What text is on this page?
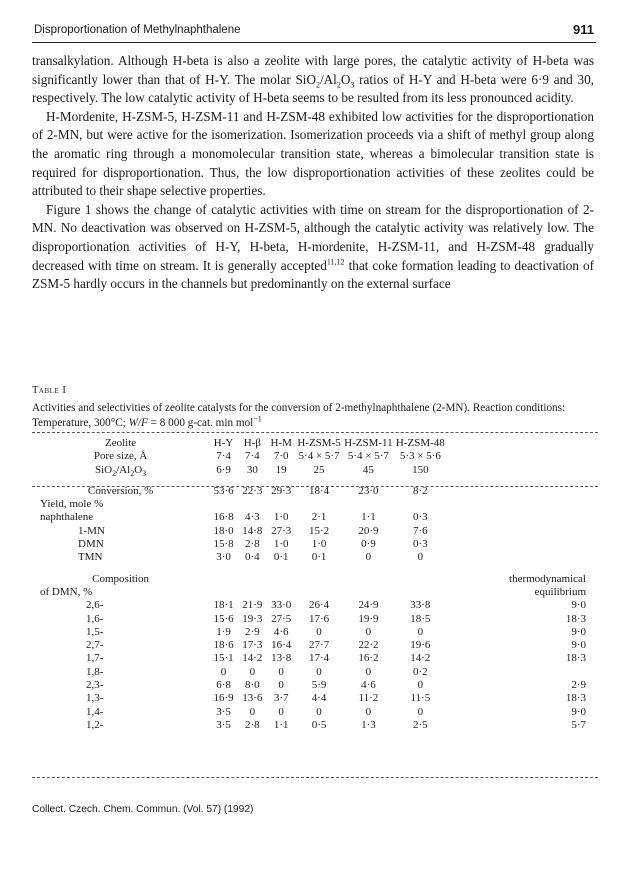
Disproportionation of Methylnaphthalene	911

transalkylation. Although H-beta is also a zeolite with large pores, the catalytic activity of H-beta was significantly lower than that of H-Y. The molar $SiO_2/Al_2O_3$ ratios of H-Y and H-beta were 6·9 and 30, respectively. The low catalytic activity of H-beta seems to be resulted from its less pronounced acidity.

H-Mordenite, H-ZSM-5, H-ZSM-11 and H-ZSM-48 exhibited low activities for the disproportionation of 2-MN, but were active for the isomerization. Isomerization proceeds via a shift of methyl group along the aromatic ring through a monomolecular transition state, whereas a bimolecular transition state is required for disproportionation. Thus, the low disproportionation activities of these zeolites could be attributed to their shape selective properties.

Figure 1 shows the change of catalytic activities with time on stream for the disproportionation of 2-MN. No deactivation was observed on H-ZSM-5, although the catalytic activity was relatively low. The disproportionation activities of H-Y, H-beta, H-mordenite, H-ZSM-11, and H-ZSM-48 gradually decreased with time on stream. It is generally accepted$^{11,12}$ that coke formation leading to deactivation of ZSM-5 hardly occurs in the channels but predominantly on the external surface

Table I
Activities and selectivities of zeolite catalysts for the conversion of 2-methylnaphthalene (2-MN). Reaction conditions: Temperature, 300°C; W/F = 8 000 g-cat. min mol$^{-1}$
Zeolite	H-Y	H-β	H-M	H-ZSM-5	H-ZSM-11	H-ZSM-48	
Pore size, Å	7·4	7·4	7·0	5·4 × 5·7	5·4 × 5·7	5·3 × 5·6	
$SiO_2/Al_2O_3$	6·9	30	19	25	45	150	

Conversion, %	53·6	22·3	29·3	18·4	23·0	8·2	
Yield, mole %							
naphthalene	16·8	4·3	1·0	2·1	1·1	0·3	
1-MN	18·0	14·8	27·3	15·2	20·9	7·6	
DMN	15·8	2·8	1·0	1·0	0·9	0·3	
TMN	3·0	0·4	0·1	0·1	0	0	

Composition							thermodynamical
of DMN, %							equilibrium
2,6-	18·1	21·9	33·0	26·4	24·9	33·8	9·0
1,6-	15·6	19·3	27·5	17·6	19·9	18·5	18·3
1,5-	1·9	2·9	4·6	0	0	0	9·0
2,7-	18·6	17·3	16·4	27·7	22·2	19·6	9·0
1,7-	15·1	14·2	13·8	17·4	16·2	14·2	18·3
1,8-	0	0	0	0	0	0·2	
2,3-	6·8	8·0	0	5·9	4·6	0	2·9
1,3-	16·9	13·6	3·7	4·4	11·2	11·5	18·3
1,4-	3·5	0	0	0	0	0	9·0
1,2-	3·5	2·8	1·1	0·5	1·3	2·5	5·7
Collect. Czech. Chem. Commun. (Vol. 57) (1992)
